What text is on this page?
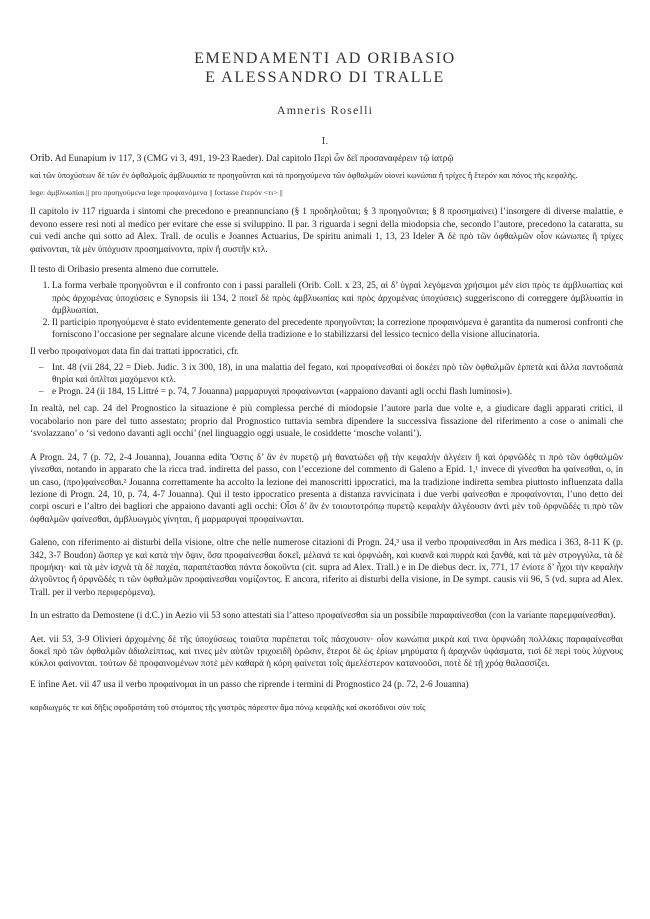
EMENDAMENTI AD ORIBASIO
E ALESSANDRO DI TRALLE
Amneris Roselli
I.

Orib. Ad Eunapium iv 117, 3 (CMG vi 3, 491, 19-23 Raeder). Dal capitolo Περὶ ὧν δεῖ προσαναφέρειν τῷ ἰατρῷ

καὶ τῶν ὑποχύσεων δὲ τῶν ἐν ὀφθαλμοῖς ἀμβλυωπία τε προηγοῦνται καὶ τὰ προηγούμενα τῶν ὀφθαλμῶν οἱονεὶ κωνώπια ἢ τρίχες ἢ ἕτερόν και πόνος τῆς κεφαλῆς.

lege: ἀμβλυωπίαι || pro προηγούμενα lege προφαινόμενα || fortasse ἕτερόν <τι> ||

Il capitolo iv 117 riguarda i sintomi che precedono e preannunciano (§ 1 προδηλοῦται; § 3 προηγοῦνται; § 8 προσημαίνει) l’insorgere di diverse malattie, e devono essere resi noti al medico per evitare che esse si sviluppino. Il par. 3 riguarda i segni della miodopsia che, secondo l’autore, precedono la cataratta, su cui vedi anche qui sotto ad Alex. Trall. de oculis e Joannes Actuarius, De spiritu animali 1, 13, 23 Ideler Ἀ δὲ πρὸ τῶν ὀφθαλμῶν οἷον κώνωπες ἢ τρίχες φαίνονται, τὰ μὲν ὑπόχυσιν προσημαίνοντα, πρὶν ἢ συστῆν κτλ.

Il testo di Oribasio presenta almeno due corruttele.

1. La forma verbale προηγοῦνται e il confronto con i passi paralleli (Orib. Coll. x 23, 25, αἱ δ’ ὑγραὶ λεγόμεναι χρήσιμοι μέν εἰσι πρὸς τε ἀμβλυωπίας καὶ πρὸς ἀρχομένας ὑποχύσεις e Synopsis iii 134, 2 ποιεῖ δὲ πρὸς ἀμβλυωπίας καὶ πρὸς ἀρχομένας ὑποχύσεις) suggeriscono di correggere ἀμβλυωπία in ἀμβλυωπίαι.
2. Il participio προηγούμενα è stato evidentemente generato del precedente προηγοῦνται; la correzione προφαινόμενα è garantita da numerosi confronti che forniscono l’occasione per segnalare alcune vicende della tradizione e lo stabilizzarsi del lessico tecnico della visione allucinatoria.

Il verbo προφαίνομαι data fin dai trattati ippocratici, cfr.

– Int. 48 (vii 284, 22 = Dieb. Judic. 3 ix 300, 18), in una malattia del fegato, καὶ προφαίνεσθαί οἱ δοκέει πρὸ τῶν ὀφθαλμῶν ἑρπετὰ καὶ ἄλλα παντοδαπὰ θηρία καὶ ὁπλῖται μαχόμενοι κτλ.
– e Progn. 24 (ii 184, 15 Littré = p. 74, 7 Jouanna) μαρμαρυγαὶ προφαίνωνται («appaiono davanti agli occhi flash luminosi»).

In realtà, nel cap. 24 del Prognostico la situazione è più complessa perché di miodopsie l’autore parla due volte e, a giudicare dagli apparati critici, il vocabolario non pare del tutto assestato; proprio dal Prognostico tuttavia sembra dipendere la successiva fissazione del riferimento a cose o animali che ‘svolazzano’ o ‘si vedono davanti agli occhi’ (nel linguaggio oggi usuale, le cosiddette ‘mosche volanti’).

A Progn. 24, 7 (p. 72, 2-4 Jouanna), Jouanna edita Ὅστις δ’ ἂν ἐν πυρετῷ μὴ θανατώδει φῇ τὴν κεφαλὴν ἀλγέειν ἢ καὶ ὀρφνῶδές τι πρὸ τῶν ὀφθαλμῶν γίνεσθαι, notando in apparato che la ricca trad. indiretta del passo, con l’eccezione del commento di Galeno a Epid. 1,¹ invece di γίνεσθαι ha φαίνεσθαι, o, in un caso, (προ)φαίνεσθαι.² Jouanna correttamente ha accolto la lezione dei manoscritti ippocratici, ma la tradizione indiretta sembra piuttosto influenzata dalla lezione di Progn. 24, 10, p. 74, 4-7 Jouanna). Qui il testo ippocratico presenta a distanza ravvicinata i due verbi φαίνεσθαι e προφαίνονται, l’uno detto dei corpi oscuri e l’altro dei bagliori che appaiono davanti agli occhi: Οἷσι δ’ ἂν ἐν τοιουτοτρόπῳ πυρετῷ κεφαλὴν ἀλγέουσιν ἀντὶ μὲν τοῦ ὀρφνῶδές τι πρὸ τῶν ὀφθαλμῶν φαίνεσθαι, ἀμβλυωγμὸς γίνηται, ἢ μαρμαρυγαὶ προφαίνωνται.

Galeno, con riferimento ai disturbi della visione, oltre che nelle numerose citazioni di Progn. 24,³ usa il verbo προφαίνεσθαι in Ars medica i 363, 8-11 K (p. 342, 3-7 Boudon) ὥσπερ γε καὶ κατὰ τὴν ὄψιν, ὅσα προφαίνεσθαι δοκεῖ, μέλανά τε καὶ ὀρφνώδη, καὶ κυανᾶ καὶ πυρρὰ καὶ ξανθά, καὶ τὰ μὲν στρογγύλα, τὰ δὲ προμήκη· καὶ τὰ μὲν ἰσχνὰ τὰ δὲ παχέα, παραπέτασθαι πάντα δοκοῦντα (cit. supra ad Alex. Trall.) e in De diebus decr. ix, 771, 17 ἐνίοτε δ’ ἦχοι τὴν κεφαλὴν ἀλγοῦντος ἢ ὀρφνῶδές τι τῶν ὀφθαλμῶν προφαίνεσθαι νομίζοντος. E ancora, riferito ai disturbi della visione, in De sympt. causis vii 96, 5 (vd. supra ad Alex. Trall. per il verbo περιφερόμενα).

In un estratto da Demostene (i d.C.) in Aezio vii 53 sono attestati sia l’atteso προφαίνεσθαι sia un possibile παραφαίνεσθαι (con la variante παρεμφαίνεσθαι).

Aet. vii 53, 3-9 Olivieri ἀρχομένης δὲ τῆς ὑποχύσεως τοιαῦτα παρέπεται τοῖς πάσχουσιν· οἷον κωνώπια μικρὰ καί τινα ὀρφνώδη πολλάκις παραφαίνεσθαι δοκεῖ πρὸ τῶν ὀφθαλμῶν ἀδιαλείπτως, καὶ τινες μὲν αὐτῶν τριχοειδῆ ὁρῶσιν, ἕτεροι δὲ ὡς ἐρίων μηρύματα ἢ ἀραχνῶν ὑφάσματα, τισὶ δὲ περὶ τοὺς λύχνους κύκλοι φαίνονται. τούτων δὲ προφαινομένων ποτὲ μὲν καθαρὰ ἡ κόρη φαίνεται τοῖς ἀμελέστερον κατανοοῦσι, ποτὲ δὲ τῇ χρόᾳ θαλασσίζει.

E infine Aet. vii 47 usa il verbo προφαίνομαι in un passo che riprende i termini di Prognostico 24 (p. 72, 2-6 Jouanna)

καρδιωγμός τε καὶ δῆξις σφοδροτάτη τοῦ στόματος τῆς γαστρὸς πάρεστιν ἅμα πόνῳ κεφαλῆς καὶ σκοτόδινοι σὺν τοῖς
